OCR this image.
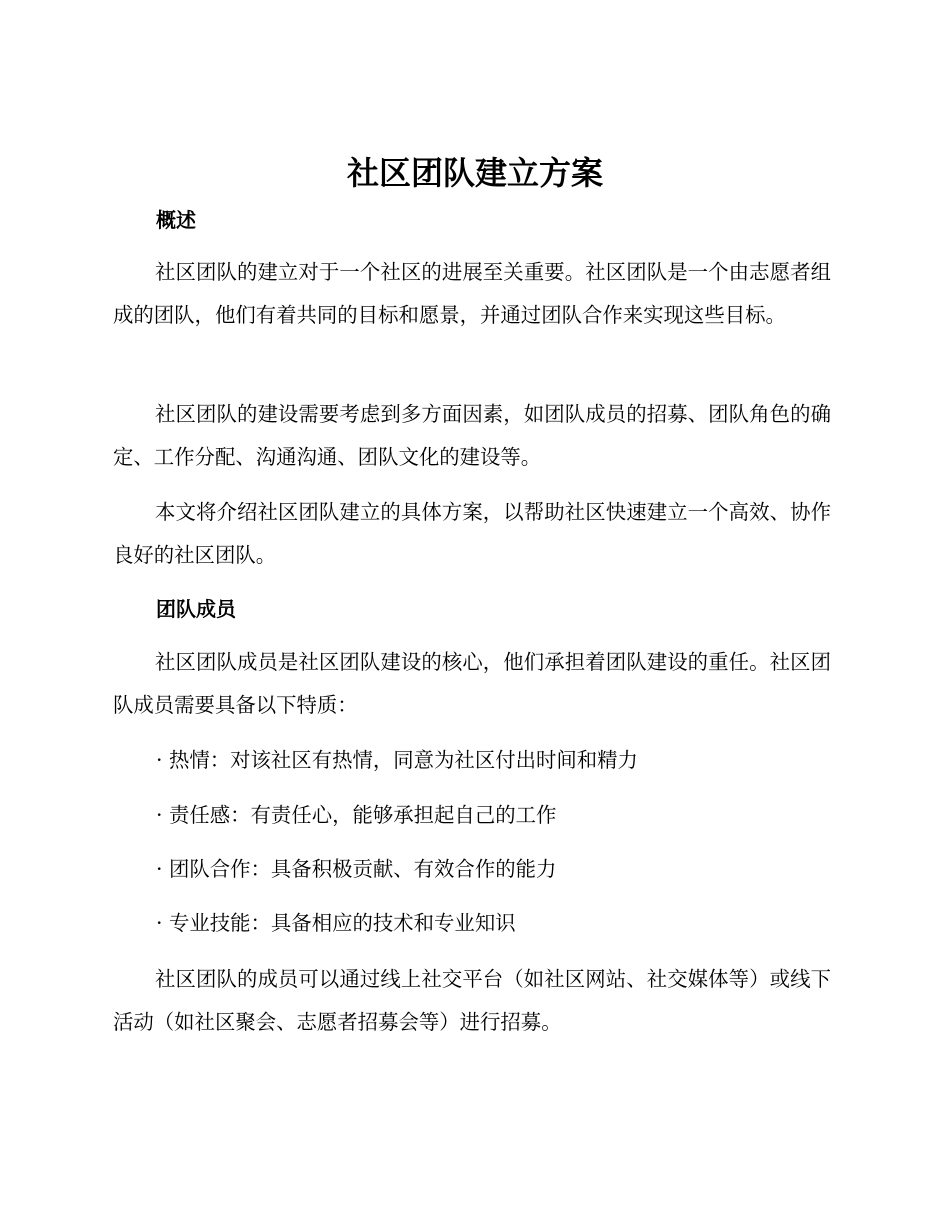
社区团队建立方案
概述

社区团队的建立对于一个社区的进展至关重要。社区团队是一个由志愿者组成的团队，他们有着共同的目标和愿景，并通过团队合作来实现这些目标。

社区团队的建设需要考虑到多方面因素，如团队成员的招募、团队角色的确定、工作分配、沟通沟通、团队文化的建设等。

本文将介绍社区团队建立的具体方案，以帮助社区快速建立一个高效、协作良好的社区团队。

团队成员

社区团队成员是社区团队建设的核心，他们承担着团队建设的重任。社区团队成员需要具备以下特质：

· 热情：对该社区有热情，同意为社区付出时间和精力

· 责任感：有责任心，能够承担起自己的工作

· 团队合作：具备积极贡献、有效合作的能力

· 专业技能：具备相应的技术和专业知识

社区团队的成员可以通过线上社交平台（如社区网站、社交媒体等）或线下活动（如社区聚会、志愿者招募会等）进行招募。
